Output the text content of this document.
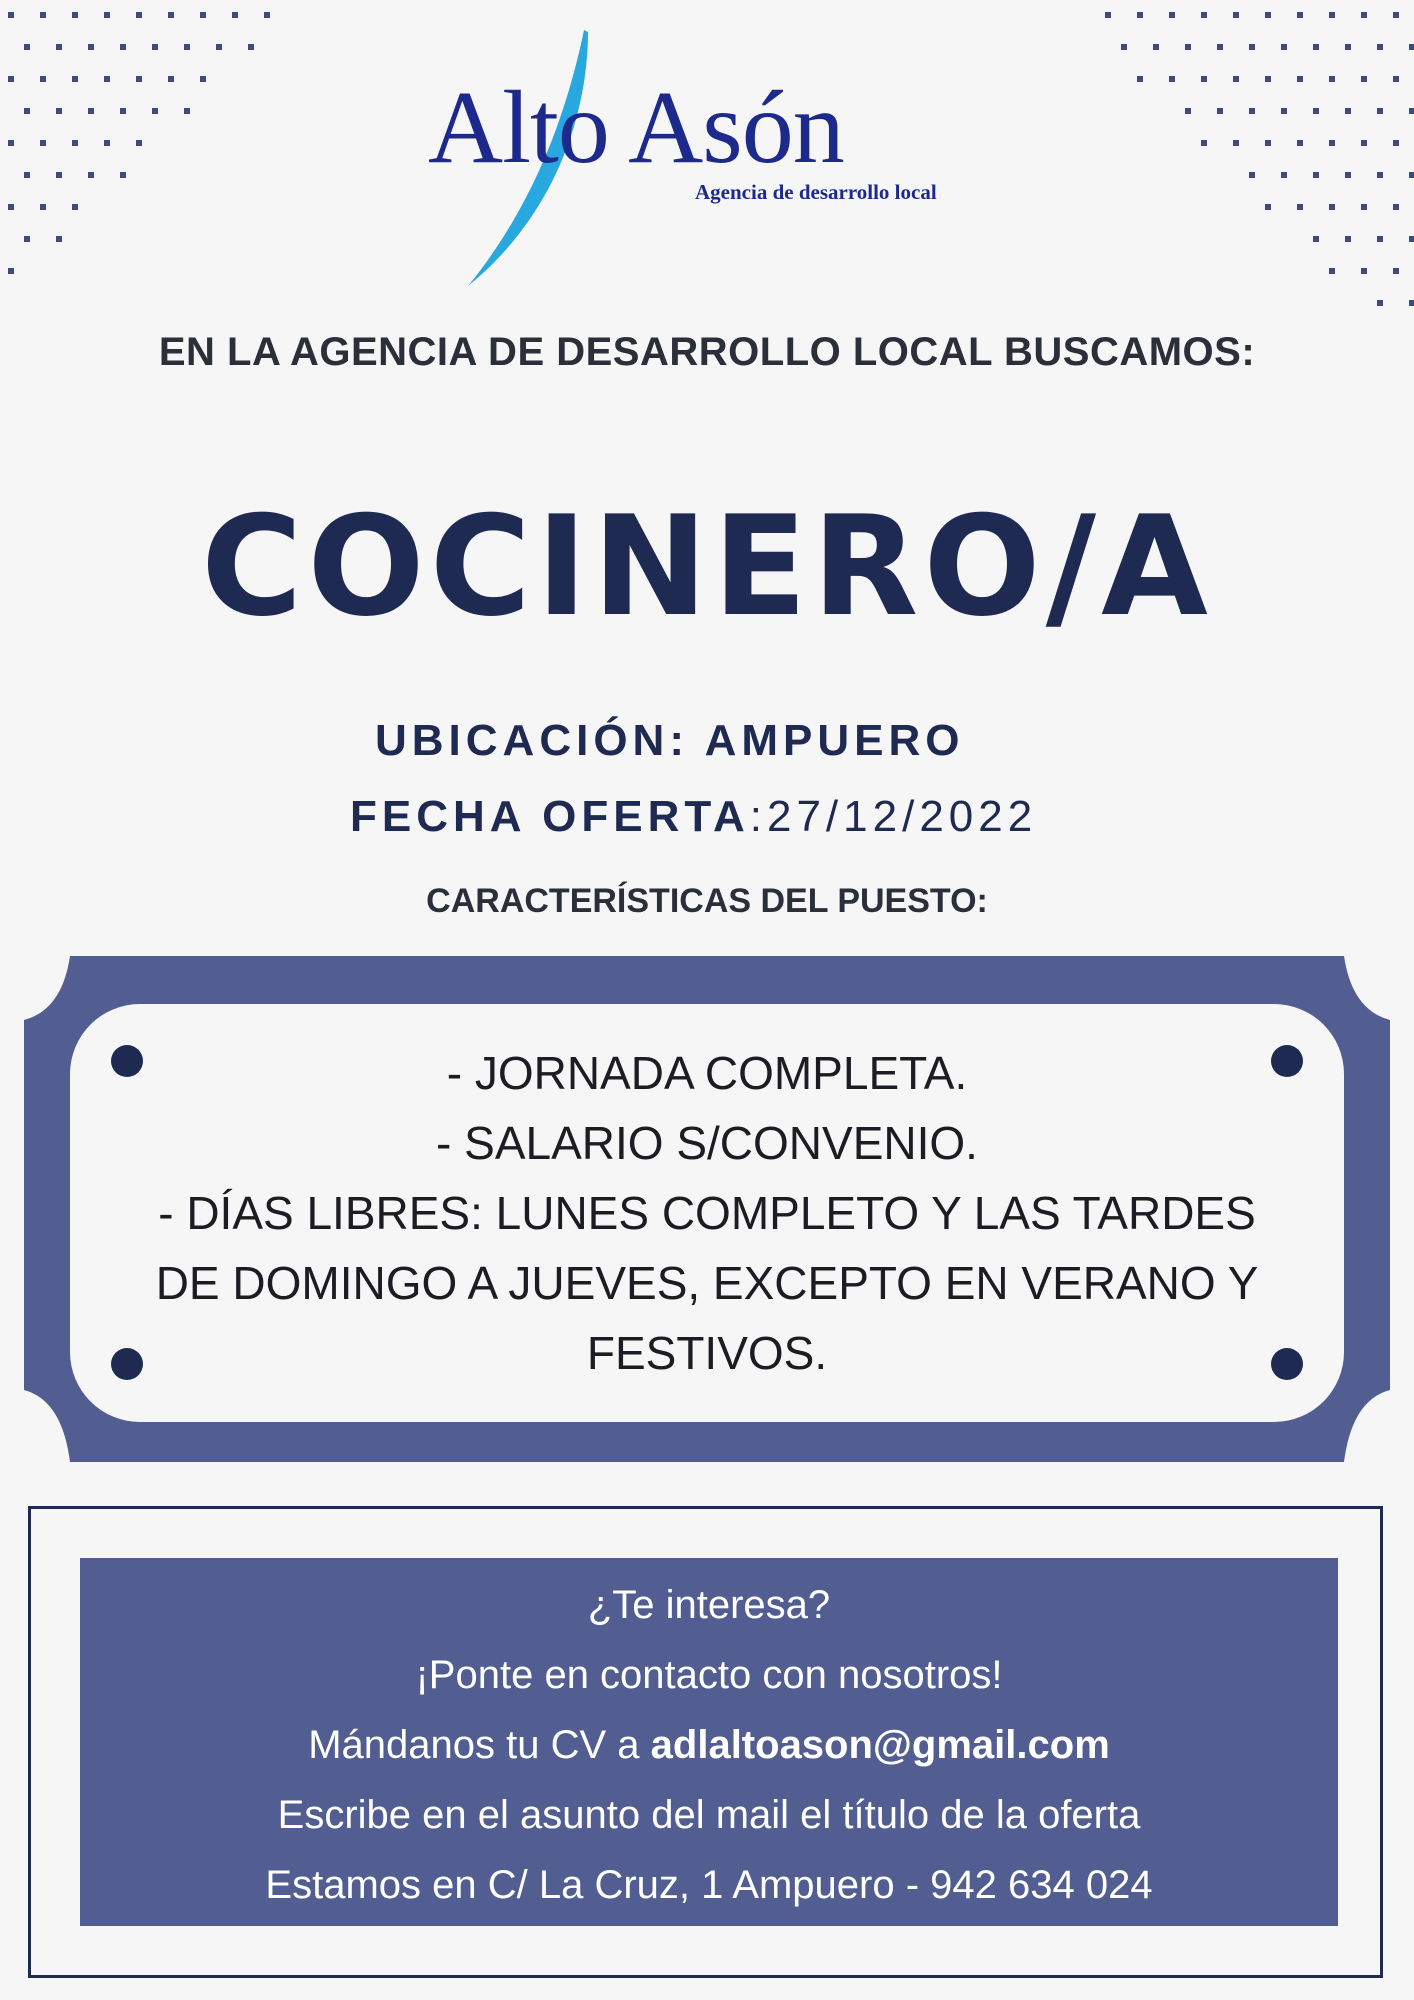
Alto Asón
Agencia de desarrollo local
EN LA AGENCIA DE DESARROLLO LOCAL BUSCAMOS:
COCINERO/A
UBICACIÓN: AMPUERO
FECHA OFERTA:27/12/2022
CARACTERÍSTICAS DEL PUESTO:
- JORNADA COMPLETA.
- SALARIO S/CONVENIO.
- DÍAS LIBRES: LUNES COMPLETO Y LAS TARDES DE DOMINGO A JUEVES, EXCEPTO EN VERANO Y FESTIVOS.
¿Te interesa?
¡Ponte en contacto con nosotros!
Mándanos tu CV a adlaltoason@gmail.com
Escribe en el asunto del mail el título de la oferta
Estamos en C/ La Cruz, 1 Ampuero - 942 634 024
